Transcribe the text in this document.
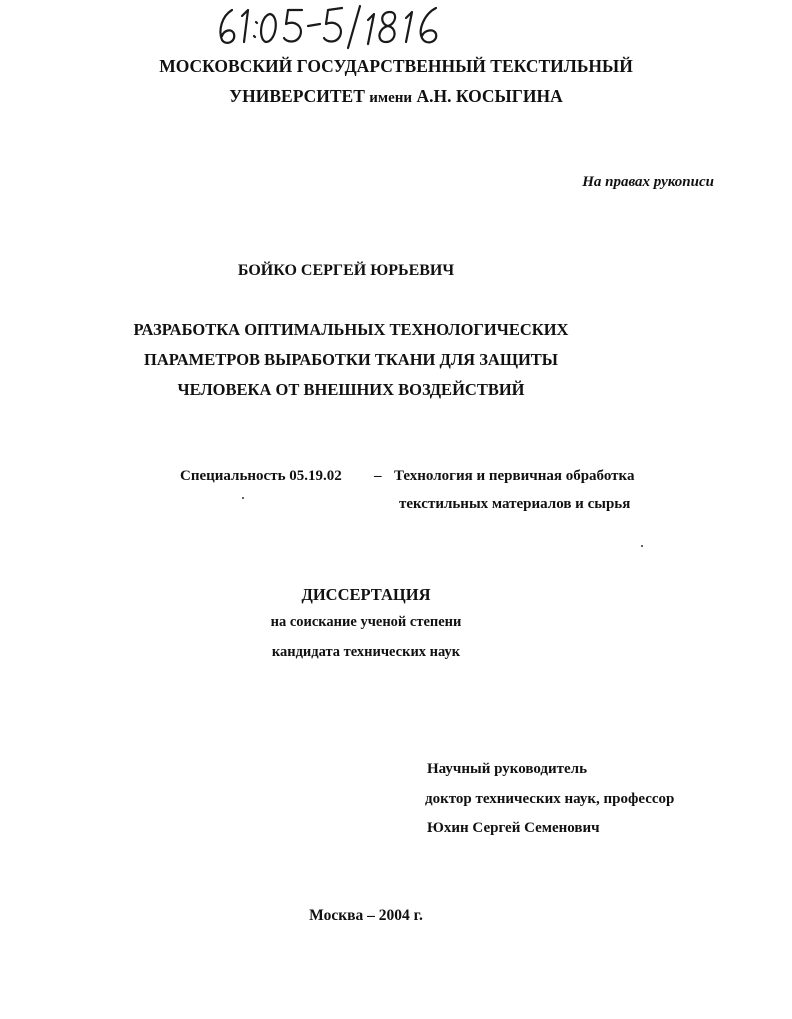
МОСКОВСКИЙ ГОСУДАРСТВЕННЫЙ ТЕКСТИЛЬНЫЙ
УНИВЕРСИТЕТ имени А.Н. КОСЫГИНА
На правах рукописи
БОЙКО СЕРГЕЙ ЮРЬЕВИЧ
РАЗРАБОТКА ОПТИМАЛЬНЫХ ТЕХНОЛОГИЧЕСКИХ
ПАРАМЕТРОВ ВЫРАБОТКИ ТКАНИ ДЛЯ ЗАЩИТЫ
ЧЕЛОВЕКА ОТ ВНЕШНИХ ВОЗДЕЙСТВИЙ
Специальность 05.19.02 – Технология и первичная обработка
текстильных материалов и сырья
ДИССЕРТАЦИЯ
на соискание ученой степени
кандидата технических наук
Научный руководитель
доктор технических наук, профессор
Юхин Сергей Семенович
Москва – 2004 г.
